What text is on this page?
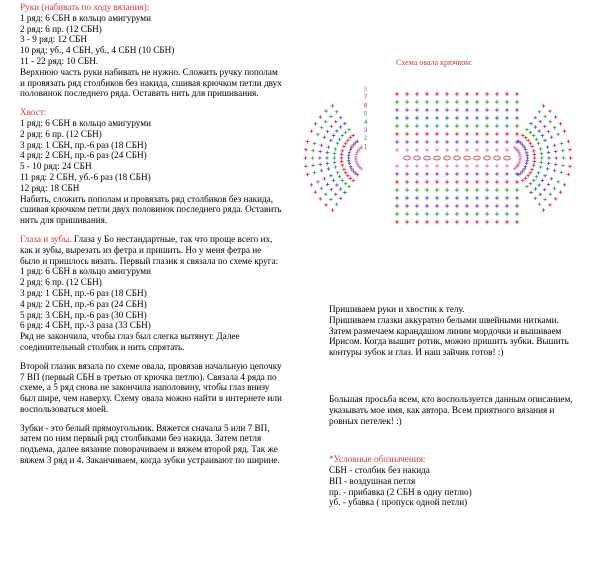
Руки (набивать по ходу вязания):
1 ряд: 6 СБН в кольцо амигуруми
2 ряд: 6 пр. (12 СБН)
3 - 9 ряд: 12 СБН
10 ряд: уб., 4 СБН, уб., 4 СБН (10 СБН)
11 - 22 ряд: 10 СБН.
Верхнюю часть руки набивать не нужно. Сложить ручку пополам и провязать ряд столбиков без накида, сшивая крючком петли двух половинок последнего ряда. Оставить нить для пришивания.
Хвост:
1 ряд: 6 СБН в кольцо амигуруми
2 ряд: 6 пр. (12 СБН)
3 ряд: 1 СБН, пр.-6 раз (18 СБН)
4 ряд: 2 СБН, пр.-6 раз (24 СБН)
5 - 10 ряд: 24 СБН
11 ряд: 2 СБН, уб.-6 раз (18 СБН)
12 ряд: 18 СБН
Набить, сложить пополам и провязать ряд столбиков без накида, сшивая крючком петли двух половинок последнего ряда. Оставить нить для пришивания.
Глаза и зубы. Глаза у Бо нестандартные, так что проще всего их, как и зубы, вырезать из фетра и пришить. Но у меня фетра не было и пришлось вязать. Первый глазик я связала по схеме круга:
1 ряд: 6 СБН в кольцо амигуруми
2 ряд: 6 пр. (12 СБН)
3 ряд: 1 СБН, пр.-6 раз (18 СБН)
4 ряд: 2 СБН, пр.-6 раз (24 СБН)
5 ряд: 3 СБН, пр.-6 раз (30 СБН)
6 ряд: 4 СБН, пр.-3 раза (33 СБН)
Ряд не закончила, чтобы глаз был слегка вытянут. Далее соединительный столбик и нить спрятать.
Второй глазик вязала по схеме овала, провязав начальную цепочку 7 ВП (первый СБН в третью от крючка петлю). Связала 4 ряда по схеме, а 5 ряд снова не закончила наполовину, чтобы глаз внизу был шире, чем наверху. Схему овала можно найти в интернете или воспользоваться моей.
Зубки - это белый прямоугольник. Вяжется сначала 5 или 7 ВП, затем по ним первый ряд столбиками без накида. Затем петля подъема, далее вязание поворачиваем и вяжем второй ряд. Так же вяжем 3 ряд и 4. Заканчиваем, когда зубки устраивают по ширине.
Схема овала крючком:
8
7
6
5
4
3
2
1
Пришиваем руки и хвостик к телу.
Пришиваем глазки аккуратно белыми швейными нитками.
Затем размечаем карандашом линии мордочки и вышиваем
Ирисом. Когда вышит ротик, можно пришить зубки. Вышить
контуры зубок и глаз. И наш зайчик готов! :)
Большая просьба всем, кто воспользуется данным описанием,
указывать мое имя, как автора. Всем приятного вязания и
ровных петелек! :)
*Условные обозначения:
СБН - столбик без накида
ВП - воздушная петля
пр. - прибавка (2 СБН в одну петлю)
уб. - убавка ( пропуск одной петли)
